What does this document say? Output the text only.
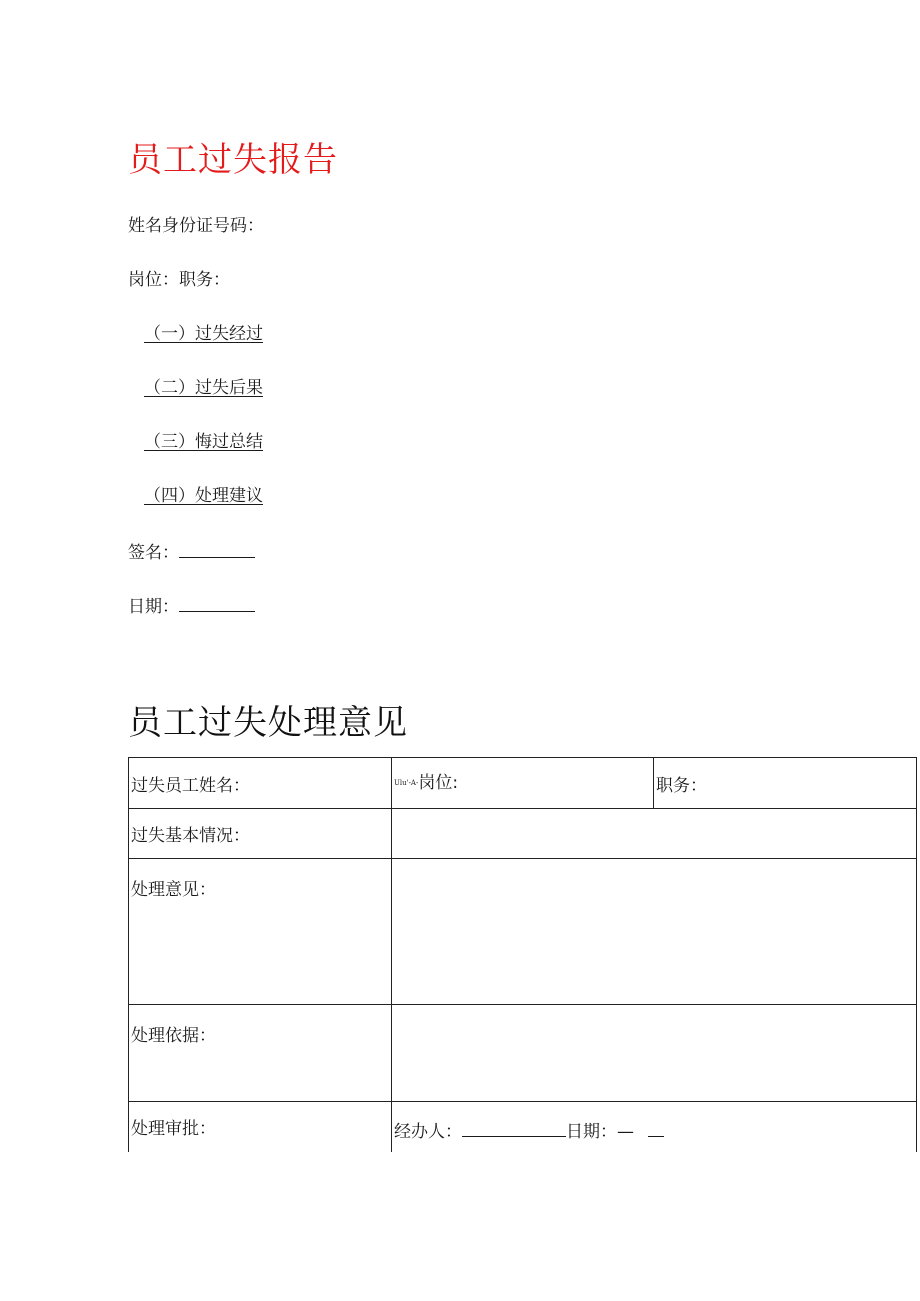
员工过失报告
姓名身份证号码：
岗位：职务：
（一）过失经过
（二）过失后果
（三）悔过总结
（四）处理建议
签名：
日期：
员工过失处理意见
过失员工姓名：	Ulu'-A-岗位:	职务：
过失基本情况：
处理意见：
处理依据：
处理审批：	经办人：	日期：—
